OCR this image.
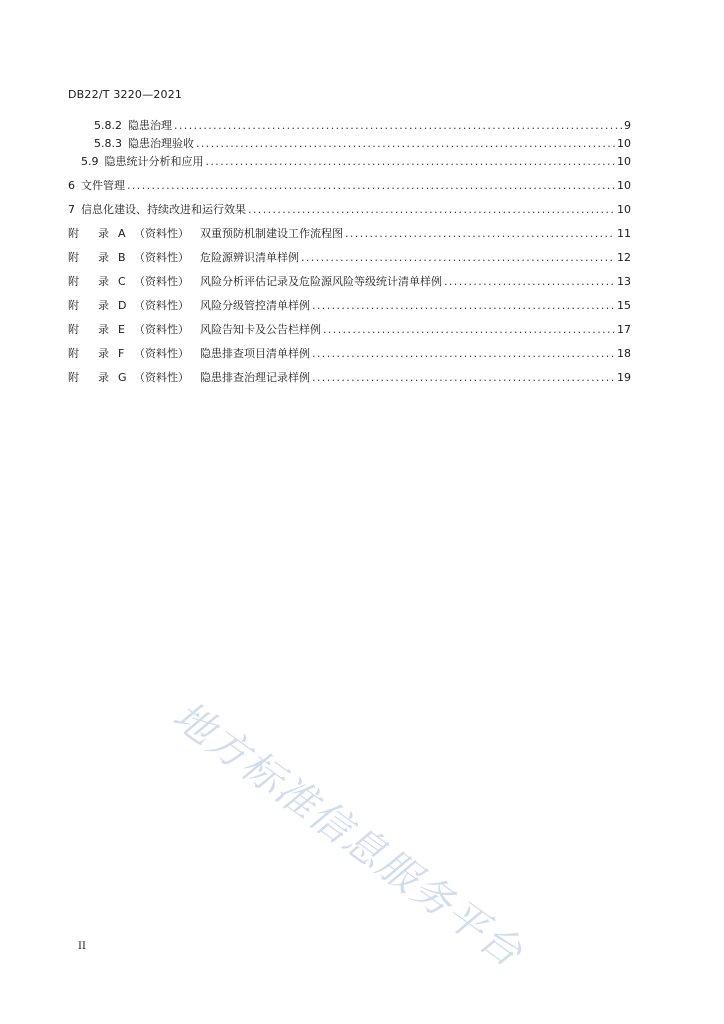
DB22/T 3220—2021
5.8.2 隐患治理 .....	9
5.8.3 隐患治理验收 .....	10
5.9 隐患统计分析和应用 .....	10
6 文件管理 .....	10
7 信息化建设、持续改进和运行效果 .....	10
附	录 A （资料性）	双重预防机制建设工作流程图 .....	11
附	录 B （资料性）	危险源辨识清单样例 .....	12
附	录 C （资料性）	风险分析评估记录及危险源风险等级统计清单样例 .....	13
附	录 D （资料性）	风险分级管控清单样例 .....	15
附	录 E （资料性）	风险告知卡及公告栏样例 .....	17
附	录 F （资料性）	隐患排查项目清单样例 .....	18
附	录 G （资料性）	隐患排查治理记录样例 .....	19
地方标准信息服务平台
II
